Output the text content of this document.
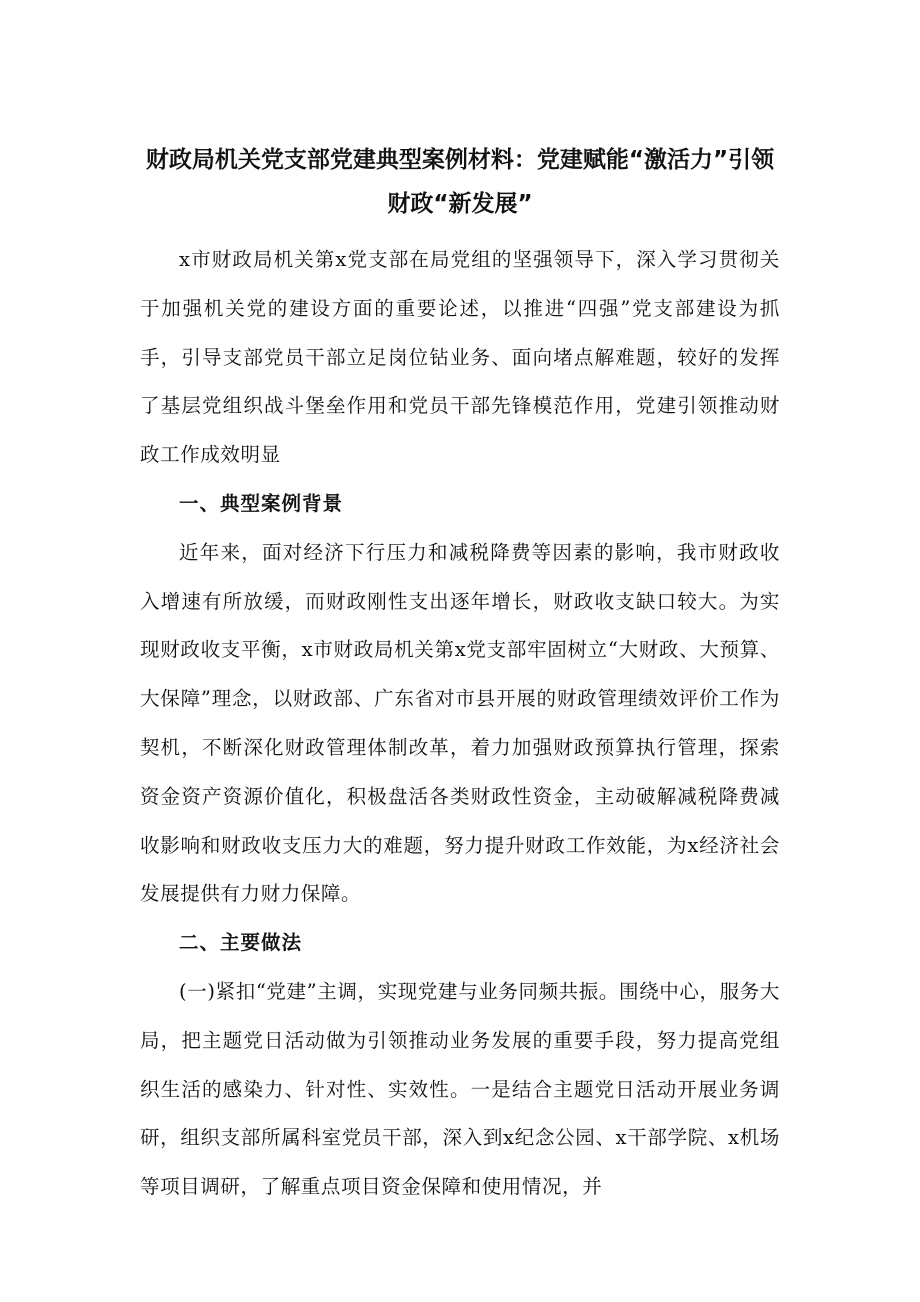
财政局机关党支部党建典型案例材料：党建赋能“激活力”引领财政“新发展”

x市财政局机关第x党支部在局党组的坚强领导下，深入学习贯彻关于加强机关党的建设方面的重要论述，以推进“四强”党支部建设为抓手，引导支部党员干部立足岗位钻业务、面向堵点解难题，较好的发挥了基层党组织战斗堡垒作用和党员干部先锋模范作用，党建引领推动财政工作成效明显

一、典型案例背景

近年来，面对经济下行压力和减税降费等因素的影响，我市财政收入增速有所放缓，而财政刚性支出逐年增长，财政收支缺口较大。为实现财政收支平衡，x市财政局机关第x党支部牢固树立“大财政、大预算、大保障”理念，以财政部、广东省对市县开展的财政管理绩效评价工作为契机，不断深化财政管理体制改革，着力加强财政预算执行管理，探索资金资产资源价值化，积极盘活各类财政性资金，主动破解减税降费减收影响和财政收支压力大的难题，努力提升财政工作效能，为x经济社会发展提供有力财力保障。

二、主要做法

(一)紧扣“党建”主调，实现党建与业务同频共振。围绕中心，服务大局，把主题党日活动做为引领推动业务发展的重要手段，努力提高党组织生活的感染力、针对性、实效性。一是结合主题党日活动开展业务调研，组织支部所属科室党员干部，深入到x纪念公园、x干部学院、x机场等项目调研，了解重点项目资金保障和使用情况，并
